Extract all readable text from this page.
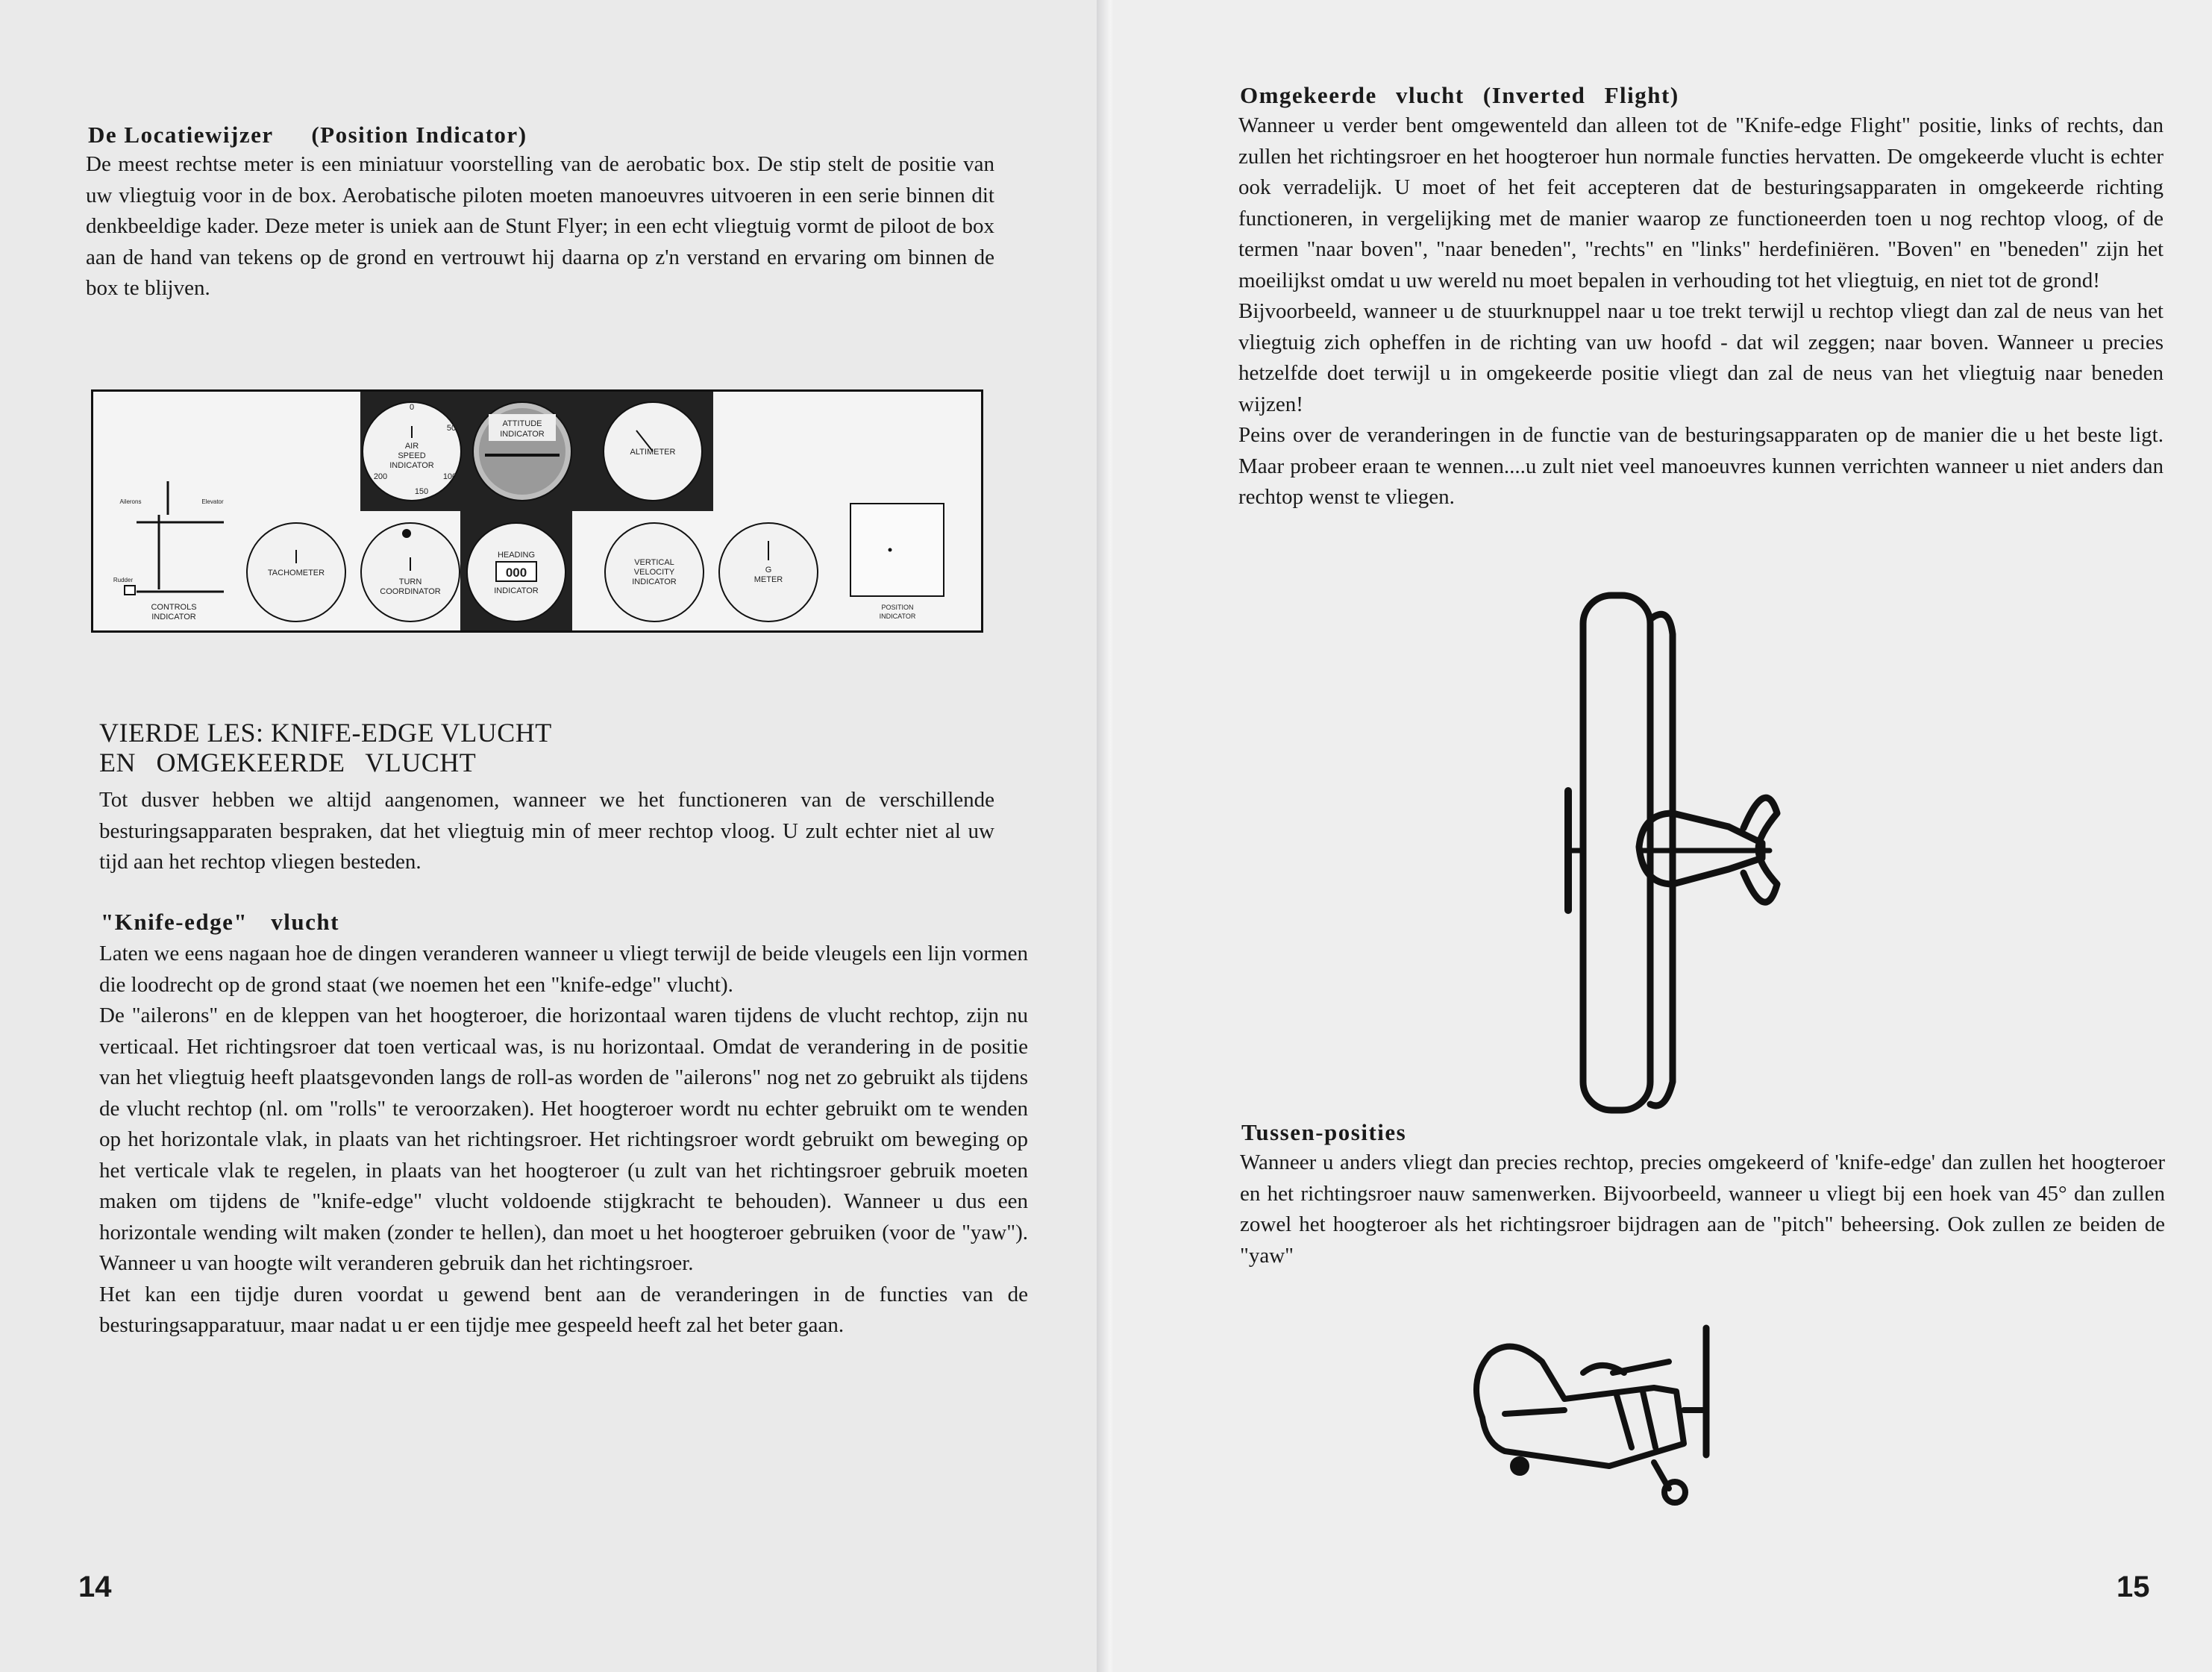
De Locatiewijzer (Position Indicator)

De meest rechtse meter is een miniatuur voorstelling van de aerobatic box. De stip stelt de positie van uw vliegtuig voor in de box. Aerobatische piloten moeten manoeuvres uitvoeren in een serie binnen dit denkbeeldige kader. Deze meter is uniek aan de Stunt Flyer; in een echt vliegtuig vormt de piloot de box aan de hand van tekens op de grond en vertrouwt hij daarna op z'n verstand en ervaring om binnen de box te blijven.

0
50
100
150
200
AIR
SPEED
INDICATOR
ATTITUDE
INDICATOR
ALTIMETER
Ailerons	Elevator
Rudder
CONTROLS
INDICATOR
TACHOMETER
TURN
COORDINATOR
HEADING
000
INDICATOR
VERTICAL
VELOCITY
INDICATOR
G
METER
POSITION
INDICATOR
VIERDE LES: KNIFE-EDGE VLUCHT
EN OMGEKEERDE VLUCHT

Tot dusver hebben we altijd aangenomen, wanneer we het functioneren van de verschillende besturingsapparaten bespraken, dat het vliegtuig min of meer rechtop vloog. U zult echter niet al uw tijd aan het rechtop vliegen besteden.

"Knife-edge" vlucht

Laten we eens nagaan hoe de dingen veranderen wanneer u vliegt terwijl de beide vleugels een lijn vormen die loodrecht op de grond staat (we noemen het een "knife-edge" vlucht).

De "ailerons" en de kleppen van het hoogteroer, die horizontaal waren tijdens de vlucht rechtop, zijn nu verticaal. Het richtingsroer dat toen verticaal was, is nu horizontaal. Omdat de verandering in de positie van het vliegtuig heeft plaatsgevonden langs de roll-as worden de "ailerons" nog net zo gebruikt als tijdens de vlucht rechtop (nl. om "rolls" te veroorzaken). Het hoogteroer wordt nu echter gebruikt om te wenden op het horizontale vlak, in plaats van het richtingsroer. Het richtingsroer wordt gebruikt om beweging op het verticale vlak te regelen, in plaats van het hoogteroer (u zult van het richtingsroer gebruik moeten maken om tijdens de "knife-edge" vlucht voldoende stijgkracht te behouden). Wanneer u dus een horizontale wending wilt maken (zonder te hellen), dan moet u het hoogteroer gebruiken (voor de "yaw"). Wanneer u van hoogte wilt veranderen gebruik dan het richtingsroer.

Het kan een tijdje duren voordat u gewend bent aan de veranderingen in de functies van de besturingsapparatuur, maar nadat u er een tijdje mee gespeeld heeft zal het beter gaan.

14
Omgekeerde vlucht (Inverted Flight)

Wanneer u verder bent omgewenteld dan alleen tot de "Knife-edge Flight" positie, links of rechts, dan zullen het richtingsroer en het hoogteroer hun normale functies hervatten. De omgekeerde vlucht is echter ook verradelijk. U moet of het feit accepteren dat de besturingsapparaten in omgekeerde richting functioneren, in vergelijking met de manier waarop ze functioneerden toen u nog rechtop vloog, of de termen "naar boven", "naar beneden", "rechts" en "links" herdefiniëren. "Boven" en "beneden" zijn het moeilijkst omdat u uw wereld nu moet bepalen in verhouding tot het vliegtuig, en niet tot de grond!

Bijvoorbeeld, wanneer u de stuurknuppel naar u toe trekt terwijl u rechtop vliegt dan zal de neus van het vliegtuig zich opheffen in de richting van uw hoofd - dat wil zeggen; naar boven. Wanneer u precies hetzelfde doet terwijl u in omgekeerde positie vliegt dan zal de neus van het vliegtuig naar beneden wijzen!

Peins over de veranderingen in de functie van de besturingsapparaten op de manier die u het beste ligt. Maar probeer eraan te wennen....u zult niet veel manoeuvres kunnen verrichten wanneer u niet anders dan rechtop wenst te vliegen.

Tussen-posities

Wanneer u anders vliegt dan precies rechtop, precies omgekeerd of 'knife-edge' dan zullen het hoogteroer en het richtingsroer nauw samenwerken. Bijvoorbeeld, wanneer u vliegt bij een hoek van 45° dan zullen zowel het hoogteroer als het richtingsroer bijdragen aan de "pitch" beheersing. Ook zullen ze beiden de "yaw"

15
